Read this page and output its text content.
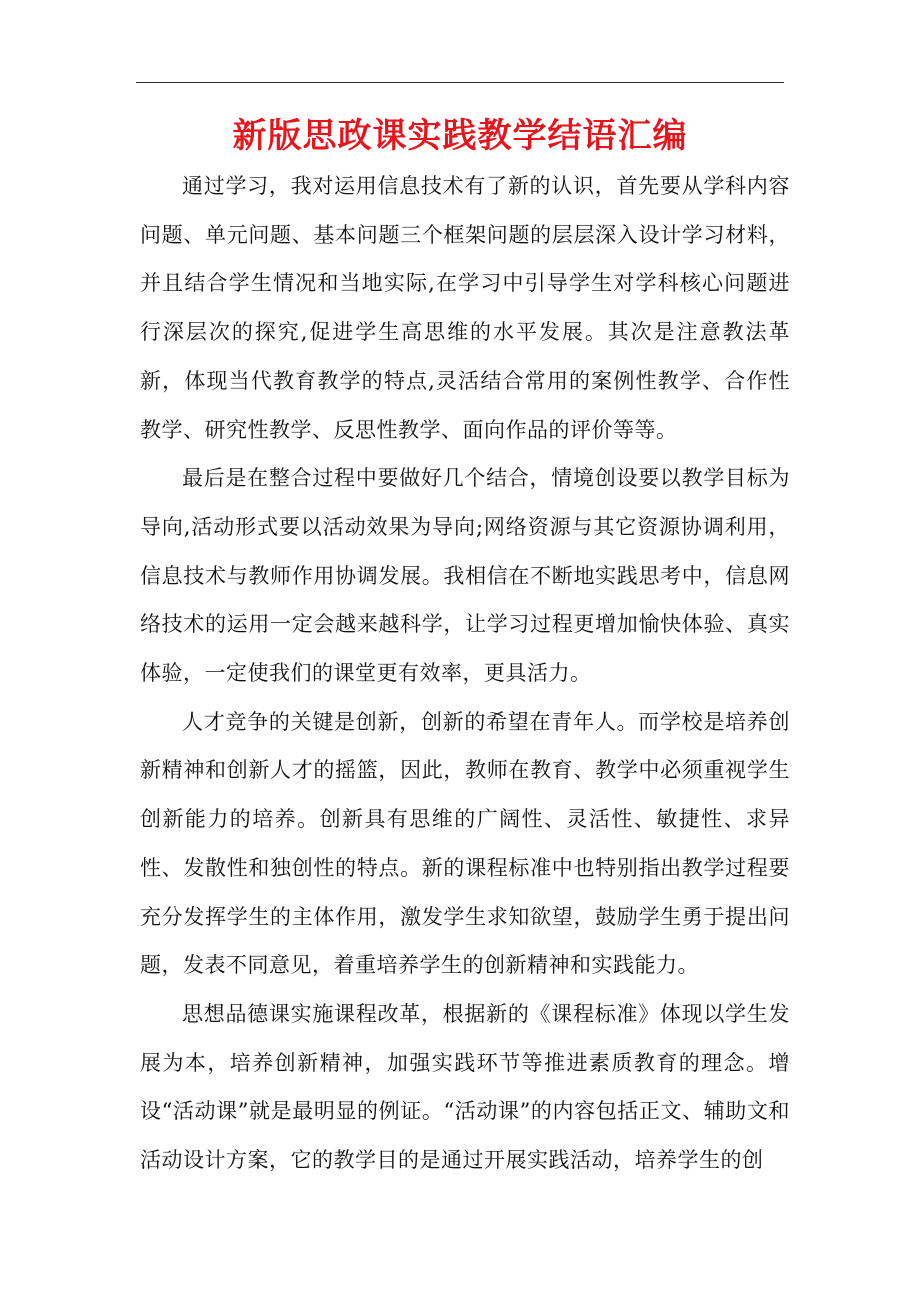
新版思政课实践教学结语汇编

通过学习，我对运用信息技术有了新的认识，首先要从学科内容问题、单元问题、基本问题三个框架问题的层层深入设计学习材料，并且结合学生情况和当地实际,在学习中引导学生对学科核心问题进行深层次的探究,促进学生高思维的水平发展。其次是注意教法革新，体现当代教育教学的特点,灵活结合常用的案例性教学、合作性教学、研究性教学、反思性教学、面向作品的评价等等。

最后是在整合过程中要做好几个结合，情境创设要以教学目标为导向,活动形式要以活动效果为导向;网络资源与其它资源协调利用，信息技术与教师作用协调发展。我相信在不断地实践思考中，信息网络技术的运用一定会越来越科学，让学习过程更增加愉快体验、真实体验，一定使我们的课堂更有效率，更具活力。

人才竞争的关键是创新，创新的希望在青年人。而学校是培养创新精神和创新人才的摇篮，因此，教师在教育、教学中必须重视学生创新能力的培养。创新具有思维的广阔性、灵活性、敏捷性、求异性、发散性和独创性的特点。新的课程标准中也特别指出教学过程要充分发挥学生的主体作用，激发学生求知欲望，鼓励学生勇于提出问题，发表不同意见，着重培养学生的创新精神和实践能力。

思想品德课实施课程改革，根据新的《课程标准》体现以学生发展为本，培养创新精神，加强实践环节等推进素质教育的理念。增设“活动课”就是最明显的例证。“活动课”的内容包括正文、辅助文和活动设计方案，它的教学目的是通过开展实践活动，培养学生的创
